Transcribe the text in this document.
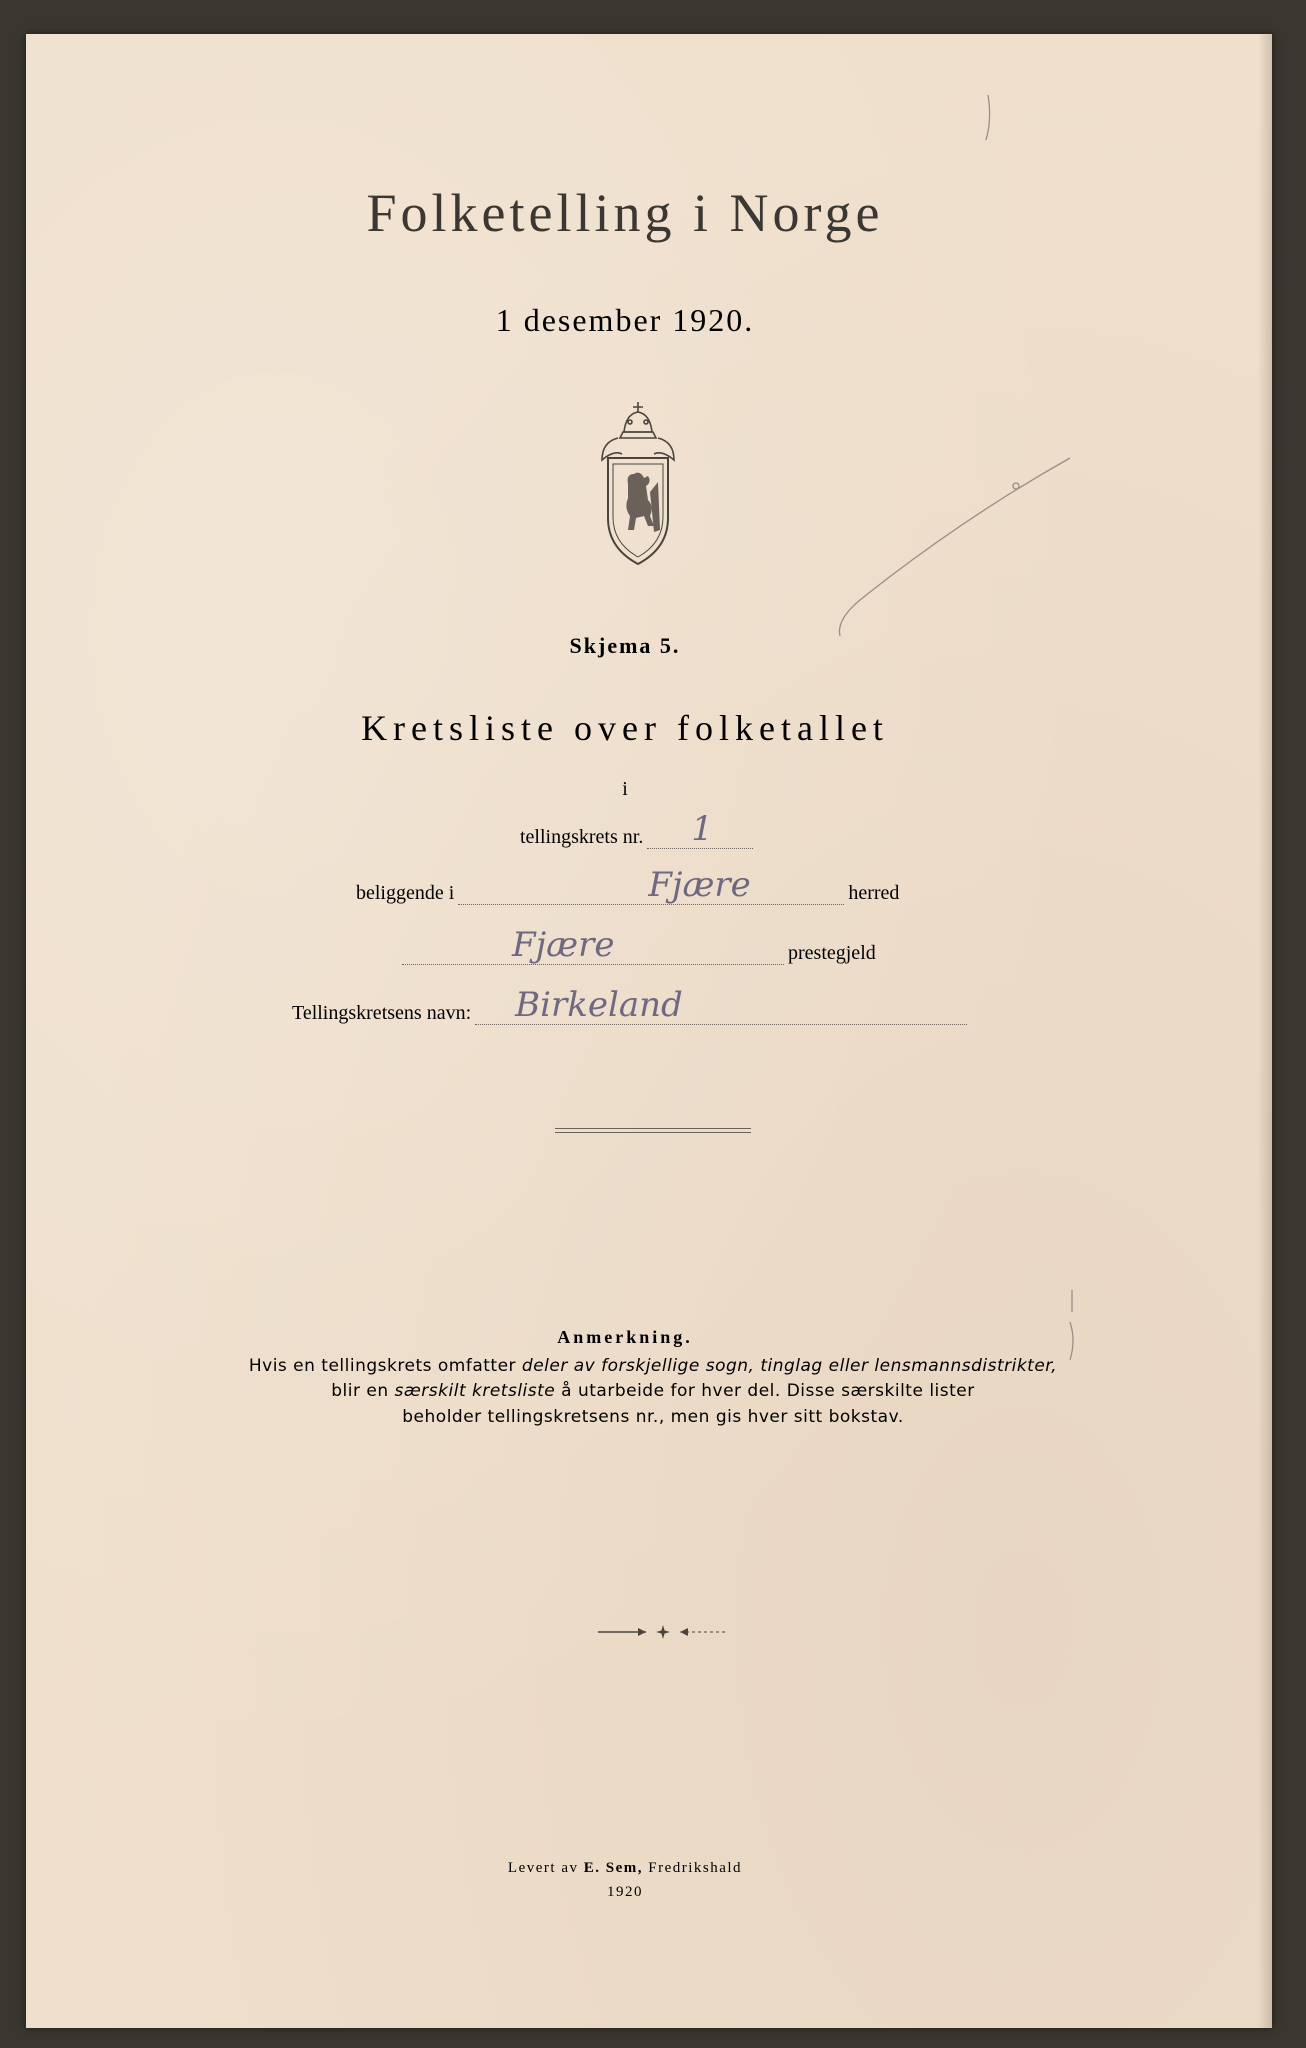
Folketelling i Norge
1 desember 1920.
Skjema 5.
Kretsliste over folketallet
i
tellingskrets nr. 1
beliggende i	Fjære	herred
Fjære	prestegjeld
Tellingskretsens navn: Birkeland
Anmerkning.
Hvis en tellingskrets omfatter deler av forskjellige sogn, tinglag eller lensmannsdistrikter,
blir en særskilt kretsliste å utarbeide for hver del. Disse særskilte lister
beholder tellingskretsens nr., men gis hver sitt bokstav.
Levert av E. Sem, Fredrikshald
1920
